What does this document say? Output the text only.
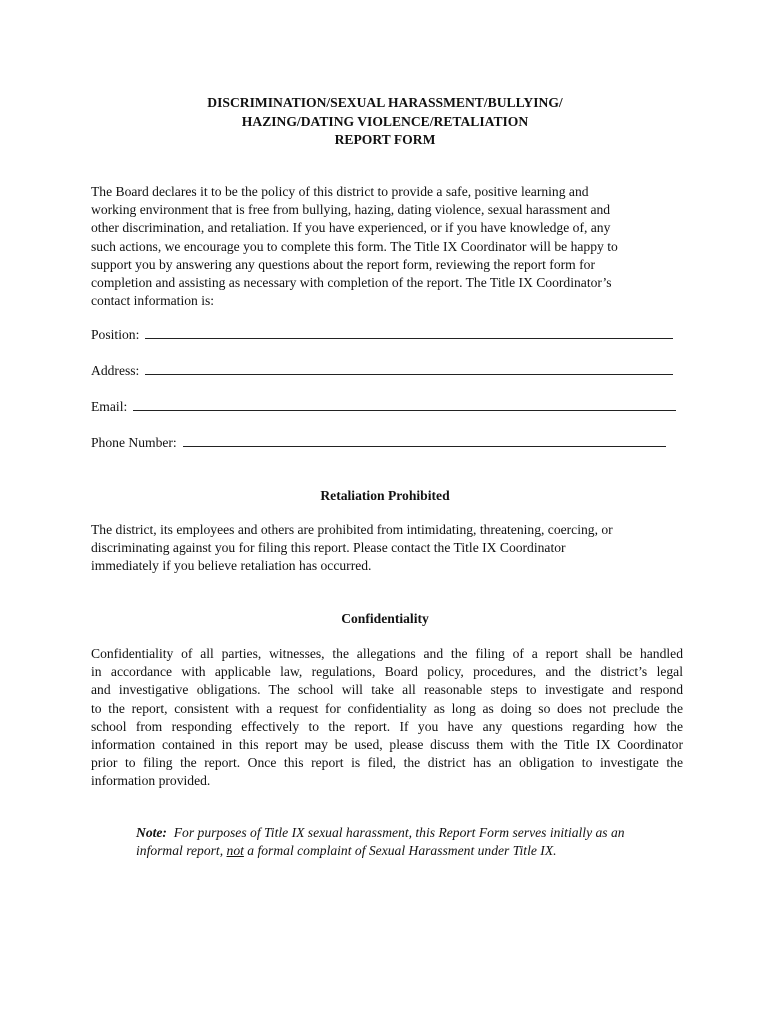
DISCRIMINATION/SEXUAL HARASSMENT/BULLYING/
HAZING/DATING VIOLENCE/RETALIATION
REPORT FORM
The Board declares it to be the policy of this district to provide a safe, positive learning and
working environment that is free from bullying, hazing, dating violence, sexual harassment and
other discrimination, and retaliation. If you have experienced, or if you have knowledge of, any
such actions, we encourage you to complete this form. The Title IX Coordinator will be happy to
support you by answering any questions about the report form, reviewing the report form for
completion and assisting as necessary with completion of the report. The Title IX Coordinator’s
contact information is:
Position:
Address:
Email:
Phone Number:
Retaliation Prohibited
The district, its employees and others are prohibited from intimidating, threatening, coercing, or
discriminating against you for filing this report. Please contact the Title IX Coordinator
immediately if you believe retaliation has occurred.
Confidentiality
Confidentiality of all parties, witnesses, the allegations and the filing of a report shall be handled
in accordance with applicable law, regulations, Board policy, procedures, and the district’s legal
and investigative obligations. The school will take all reasonable steps to investigate and respond
to the report, consistent with a request for confidentiality as long as doing so does not preclude the
school from responding effectively to the report. If you have any questions regarding how the
information contained in this report may be used, please discuss them with the Title IX Coordinator
prior to filing the report. Once this report is filed, the district has an obligation to investigate the
information provided.
Note: For purposes of Title IX sexual harassment, this Report Form serves initially as an
informal report, not a formal complaint of Sexual Harassment under Title IX.
